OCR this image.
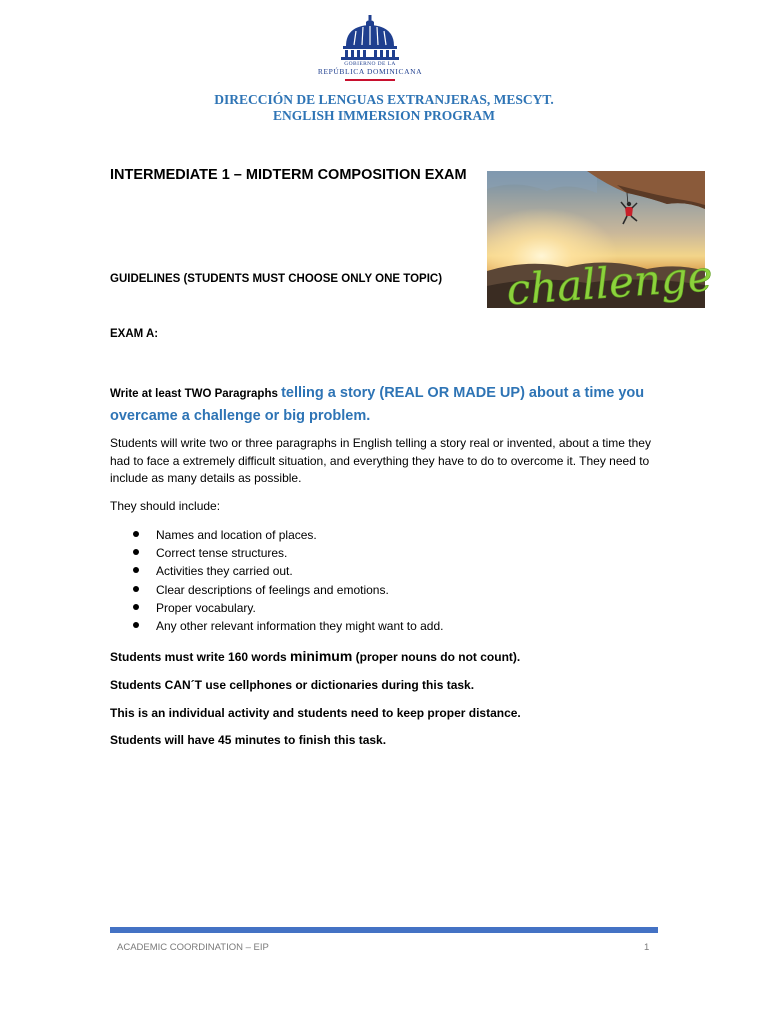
GOBIERNO DE LA
REPÚBLICA DOMINICANA
DIRECCIÓN DE LENGUAS EXTRANJERAS, MESCYT.
ENGLISH IMMERSION PROGRAM
INTERMEDIATE 1 – MIDTERM COMPOSITION EXAM
challenge
GUIDELINES (STUDENTS MUST CHOOSE ONLY ONE TOPIC)
EXAM A:
Write at least TWO Paragraphs telling a story (REAL OR MADE UP) about a time you overcame a challenge or big problem.
Students will write two or three paragraphs in English telling a story real or invented, about a time they had to face a extremely difficult situation, and everything they have to do to overcome it. They need to include as many details as possible.
They should include:
Names and location of places.
Correct tense structures.
Activities they carried out.
Clear descriptions of feelings and emotions.
Proper vocabulary.
Any other relevant information they might want to add.
Students must write 160 words minimum (proper nouns do not count).
Students CAN´T use cellphones or dictionaries during this task.
This is an individual activity and students need to keep proper distance.
Students will have 45 minutes to finish this task.
ACADEMIC COORDINATION – EIP	1
